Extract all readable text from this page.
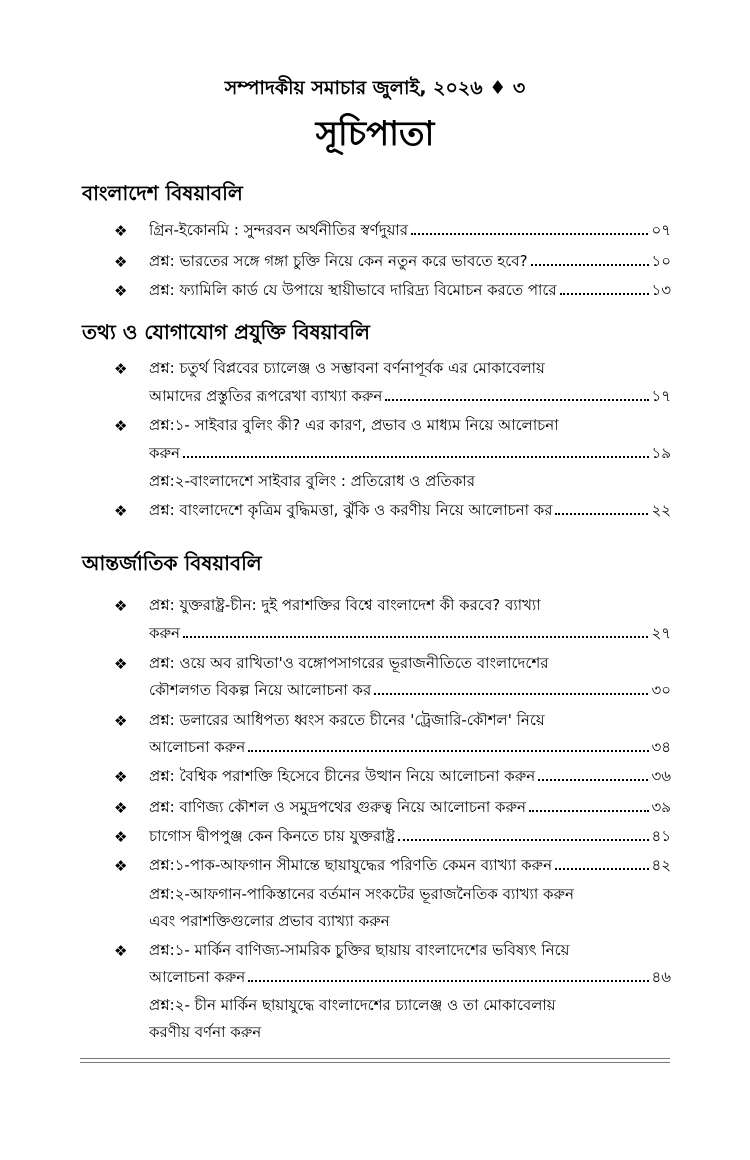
সম্পাদকীয় সমাচার জুলাই, ২০২৬ ♦ ৩
সূচিপাতা
বাংলাদেশ বিষয়াবলি
তথ্য ও যোগাযোগ প্রযুক্তি বিষয়াবলি
আন্তর্জাতিক বিষয়াবলি
❖ গ্রিন-ইকোনমি : সুন্দরবন অর্থনীতির স্বর্ণদুয়ার	০৭
❖ প্রশ্ন: ভারতের সঙ্গে গঙ্গা চুক্তি নিয়ে কেন নতুন করে ভাবতে হবে?	১০
❖ প্রশ্ন: ফ্যামিলি কার্ড যে উপায়ে স্থায়ীভাবে দারিদ্র্য বিমোচন করতে পারে	১৩
❖ প্রশ্ন: চতুর্থ বিপ্লবের চ্যালেঞ্জ ও সম্ভাবনা বর্ণনাপূর্বক এর মোকাবেলায়
আমাদের প্রস্তুতির রূপরেখা ব্যাখ্যা করুন	১৭
❖ প্রশ্ন:১- সাইবার বুলিং কী? এর কারণ, প্রভাব ও মাধ্যম নিয়ে আলোচনা
করুন	১৯
প্রশ্ন:২-বাংলাদেশে সাইবার বুলিং : প্রতিরোধ ও প্রতিকার
❖ প্রশ্ন: বাংলাদেশে কৃত্রিম বুদ্ধিমত্তা, ঝুঁকি ও করণীয় নিয়ে আলোচনা কর	২২
❖ প্রশ্ন: যুক্তরাষ্ট্র-চীন: দুই পরাশক্তির বিশ্বে বাংলাদেশ কী করবে? ব্যাখ্যা
করুন	২৭
❖ প্রশ্ন: ওয়ে অব রাখিতা'ও বঙ্গোপসাগরের ভূরাজনীতিতে বাংলাদেশের
কৌশলগত বিকল্প নিয়ে আলোচনা কর	৩০
❖ প্রশ্ন: ডলারের আধিপত্য ধ্বংস করতে চীনের 'ট্রেজারি-কৌশল' নিয়ে
আলোচনা করুন	৩৪
❖ প্রশ্ন: বৈশ্বিক পরাশক্তি হিসেবে চীনের উত্থান নিয়ে আলোচনা করুন	৩৬
❖ প্রশ্ন: বাণিজ্য কৌশল ও সমুদ্রপথের গুরুত্ব নিয়ে আলোচনা করুন	৩৯
❖ চাগোস দ্বীপপুঞ্জ কেন কিনতে চায় যুক্তরাষ্ট্র	৪১
❖ প্রশ্ন:১-পাক-আফগান সীমান্তে ছায়াযুদ্ধের পরিণতি কেমন ব্যাখ্যা করুন	৪২
প্রশ্ন:২-আফগান-পাকিস্তানের বর্তমান সংকটের ভূরাজনৈতিক ব্যাখ্যা করুন
এবং পরাশক্তিগুলোর প্রভাব ব্যাখ্যা করুন
❖ প্রশ্ন:১- মার্কিন বাণিজ্য-সামরিক চুক্তির ছায়ায় বাংলাদেশের ভবিষ্যৎ নিয়ে
আলোচনা করুন	৪৬
প্রশ্ন:২- চীন মার্কিন ছায়াযুদ্ধে বাংলাদেশের চ্যালেঞ্জ ও তা মোকাবেলায়
করণীয় বর্ণনা করুন
